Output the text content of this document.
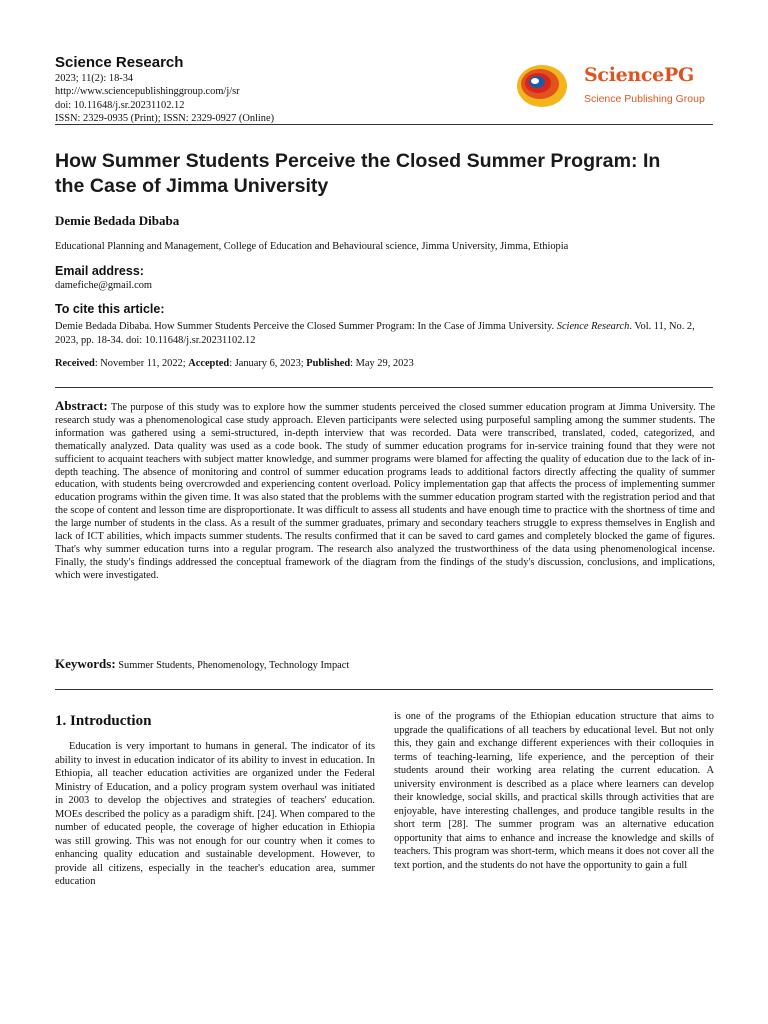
Science Research
2023; 11(2): 18-34
http://www.sciencepublishinggroup.com/j/sr
doi: 10.11648/j.sr.20231102.12
ISSN: 2329-0935 (Print); ISSN: 2329-0927 (Online)
SciencePG
Science Publishing Group
How Summer Students Perceive the Closed Summer Program: In the Case of Jimma University
Demie Bedada Dibaba
Educational Planning and Management, College of Education and Behavioural science, Jimma University, Jimma, Ethiopia
Email address:
damefiche@gmail.com
To cite this article:
Demie Bedada Dibaba. How Summer Students Perceive the Closed Summer Program: In the Case of Jimma University. Science Research. Vol. 11, No. 2, 2023, pp. 18-34. doi: 10.11648/j.sr.20231102.12
Received: November 11, 2022; Accepted: January 6, 2023; Published: May 29, 2023
Abstract: The purpose of this study was to explore how the summer students perceived the closed summer education program at Jimma University. The research study was a phenomenological case study approach. Eleven participants were selected using purposeful sampling among the summer students. The information was gathered using a semi-structured, in-depth interview that was recorded. Data were transcribed, translated, coded, categorized, and thematically analyzed. Data quality was used as a code book. The study of summer education programs for in-service training found that they were not sufficient to acquaint teachers with subject matter knowledge, and summer programs were blamed for affecting the quality of education due to the lack of in-depth teaching. The absence of monitoring and control of summer education programs leads to additional factors directly affecting the quality of summer education, with students being overcrowded and experiencing content overload. Policy implementation gap that affects the process of implementing summer education programs within the given time. It was also stated that the problems with the summer education program started with the registration period and that the scope of content and lesson time are disproportionate. It was difficult to assess all students and have enough time to practice with the shortness of time and the large number of students in the class. As a result of the summer graduates, primary and secondary teachers struggle to express themselves in English and lack of ICT abilities, which impacts summer students. The results confirmed that it can be saved to card games and completely blocked the game of figures. That's why summer education turns into a regular program. The research also analyzed the trustworthiness of the data using phenomenological incense. Finally, the study's findings addressed the conceptual framework of the diagram from the findings of the study's discussion, conclusions, and implications, which were investigated.
Keywords: Summer Students, Phenomenology, Technology Impact
1. Introduction
Education is very important to humans in general. The indicator of its ability to invest in education indicator of its ability to invest in education. In Ethiopia, all teacher education activities are organized under the Federal Ministry of Education, and a policy program system overhaul was initiated in 2003 to develop the objectives and strategies of teachers' education. MOEs described the policy as a paradigm shift. [24]. When compared to the number of educated people, the coverage of higher education in Ethiopia was still growing. This was not enough for our country when it comes to enhancing quality education and sustainable development. However, to provide all citizens, especially in the teacher's education area, summer education
is one of the programs of the Ethiopian education structure that aims to upgrade the qualifications of all teachers by educational level. But not only this, they gain and exchange different experiences with their colloquies in terms of teaching-learning, life experience, and the perception of their students around their working area relating the current education. A university environment is described as a place where learners can develop their knowledge, social skills, and practical skills through activities that are enjoyable, have interesting challenges, and produce tangible results in the short term [28]. The summer program was an alternative education opportunity that aims to enhance and increase the knowledge and skills of teachers. This program was short-term, which means it does not cover all the text portion, and the students do not have the opportunity to gain a full
